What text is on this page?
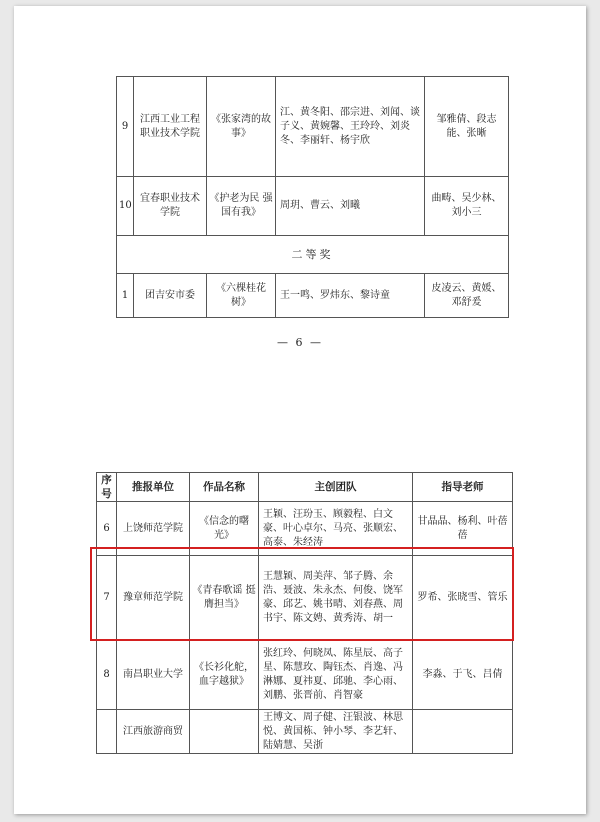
9	江西工业工程职业技术学院	《张家湾的故事》	江、黄冬阳、邵宗进、刘闻、谈子义、黄婉馨、王玲玲、刘炎冬、李丽轩、杨宇欣	邹雅倩、段志能、张晰
10	宜春职业技术学院	《护老为民 强国有我》	周玥、曹云、刘曦	曲畴、吴少林、刘小三
二等奖				
1	团吉安市委	《六棵桂花树》	王一鸣、罗炜东、黎诗童	皮凌云、黄媛、邓舒爰
— 6 —
序号	推报单位	作品名称	主创团队	指导老师
6	上饶师范学院	《信念的曙光》	王颖、汪玢玉、顾毅程、白文豪、叶心卓尔、马亮、张顺宏、高泰、朱经涛	甘晶晶、杨利、叶蓓蓓
7	豫章师范学院	《青春歌谣 挺膺担当》	王慧颖、周美萍、邹子腾、余浩、聂波、朱永杰、何俊、饶军豪、邱艺、姚书晴、刘春燕、周书宇、陈文娉、黄秀涛、胡一	罗希、张晓雪、管乐
8	南昌职业大学	《长衫化舵，血字越狱》	张红玲、何晓凤、陈星辰、高子星、陈慧玫、陶钰杰、肖逸、冯淋娜、夏祎夏、邱驰、李心雨、刘鹏、张晋前、肖智豪	李淼、于飞、吕倩
	江西旅游商贸		王博文、周子健、汪银波、林思悦、黄国栋、钟小琴、李艺轩、陆婧慧、吴浙	
